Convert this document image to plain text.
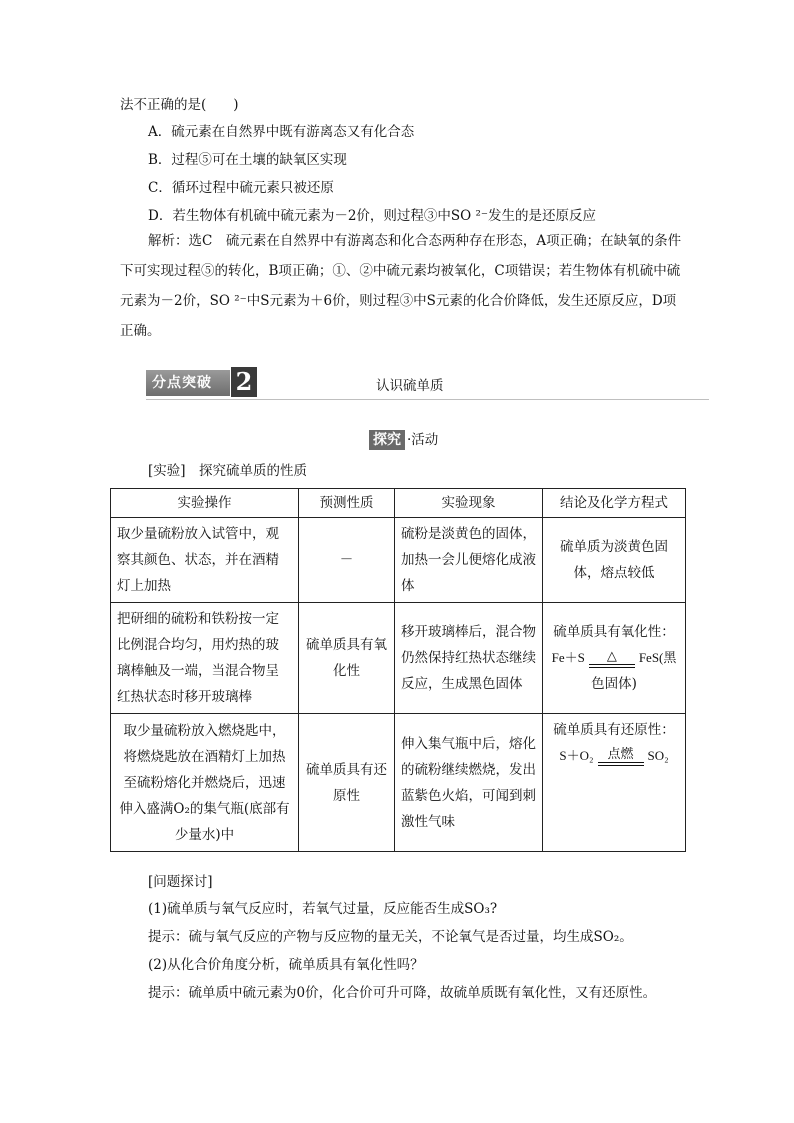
法不正确的是(　　)
A．硫元素在自然界中既有游离态又有化合态
B．过程⑤可在土壤的缺氧区实现
C．循环过程中硫元素只被还原
D．若生物体有机硫中硫元素为－2价，则过程③中SO ²⁻发生的是还原反应
解析：选C　硫元素在自然界中有游离态和化合态两种存在形态，A项正确；在缺氧的条件下可实现过程⑤的转化，B项正确；①、②中硫元素均被氧化，C项错误；若生物体有机硫中硫元素为－2价，SO ²⁻中S元素为＋6价，则过程③中S元素的化合价降低，发生还原反应，D项正确。
分点突破 2	认识硫单质
探究 ·活动
[实验]　探究硫单质的性质
实验操作	预测性质	实验现象	结论及化学方程式
取少量硫粉放入试管中，观察其颜色、状态，并在酒精灯上加热	－	硫粉是淡黄色的固体，加热一会儿便熔化成液体	硫单质为淡黄色固体，熔点较低
把研细的硫粉和铁粉按一定比例混合均匀，用灼热的玻璃棒触及一端，当混合物呈红热状态时移开玻璃棒	硫单质具有氧化性	移开玻璃棒后，混合物仍然保持红热状态继续反应，生成黑色固体	硫单质具有氧化性：
Fe＋S △ FeS(黑
色固体)

取少量硫粉放入燃烧匙中，将燃烧匙放在酒精灯上加热至硫粉熔化并燃烧后，迅速伸入盛满O₂的集气瓶(底部有少量水)中	硫单质具有还原性	伸入集气瓶中后，熔化的硫粉继续燃烧，发出蓝紫色火焰，可闻到刺激性气味	硫单质具有还原性：
S＋O₂ 点燃 SO₂
[问题探讨]
(1)硫单质与氧气反应时，若氧气过量，反应能否生成SO₃?
提示：硫与氧气反应的产物与反应物的量无关，不论氧气是否过量，均生成SO₂。
(2)从化合价角度分析，硫单质具有氧化性吗？
提示：硫单质中硫元素为0价，化合价可升可降，故硫单质既有氧化性，又有还原性。
